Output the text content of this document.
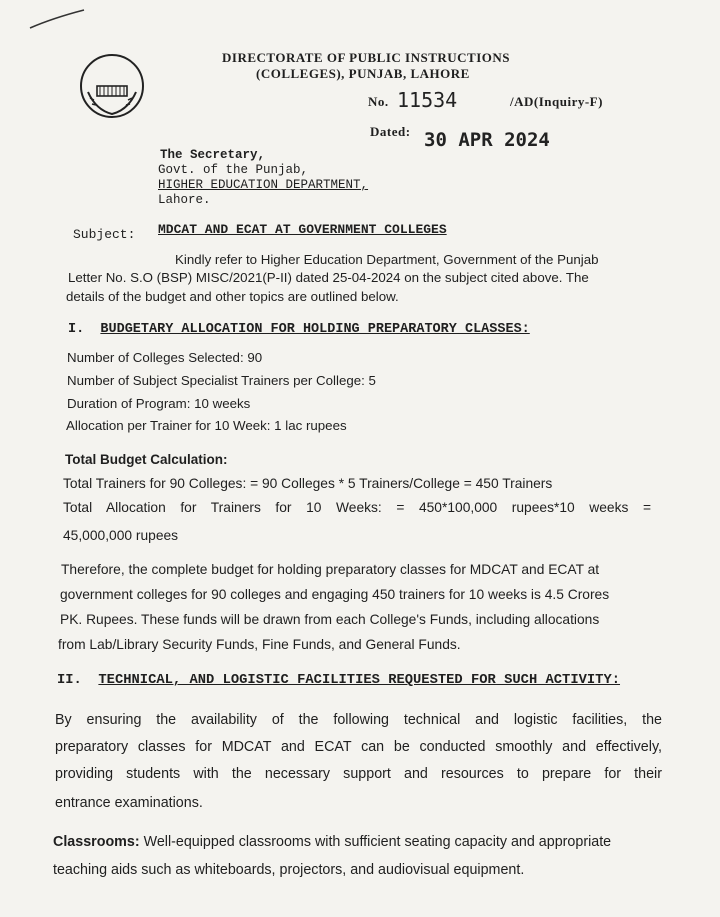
DIRECTORATE OF PUBLIC INSTRUCTIONS
(COLLEGES), PUNJAB, LAHORE
No. 11534	/AD(Inquiry-F)
Dated: 30 APR 2024
The Secretary,
Govt. of the Punjab,
HIGHER EDUCATION DEPARTMENT,
Lahore.
Subject: MDCAT AND ECAT AT GOVERNMENT COLLEGES
Kindly refer to Higher Education Department, Government of the Punjab
Letter No. S.O (BSP) MISC/2021(P-II) dated 25-04-2024 on the subject cited above. The
details of the budget and other topics are outlined below.
I. BUDGETARY ALLOCATION FOR HOLDING PREPARATORY CLASSES:
Number of Colleges Selected: 90
Number of Subject Specialist Trainers per College: 5
Duration of Program: 10 weeks
Allocation per Trainer for 10 Week: 1 lac rupees
Total Budget Calculation:
Total Trainers for 90 Colleges: = 90 Colleges * 5 Trainers/College = 450 Trainers
Total Allocation for Trainers for 10 Weeks: = 450*100,000 rupees*10 weeks =
45,000,000 rupees
Therefore, the complete budget for holding preparatory classes for MDCAT and ECAT at
government colleges for 90 colleges and engaging 450 trainers for 10 weeks is 4.5 Crores
PK. Rupees. These funds will be drawn from each College's Funds, including allocations
from Lab/Library Security Funds, Fine Funds, and General Funds.
II. TECHNICAL, AND LOGISTIC FACILITIES REQUESTED FOR SUCH ACTIVITY:
By ensuring the availability of the following technical and logistic facilities, the
preparatory classes for MDCAT and ECAT can be conducted smoothly and effectively,
providing students with the necessary support and resources to prepare for their
entrance examinations.
Classrooms: Well-equipped classrooms with sufficient seating capacity and appropriate
teaching aids such as whiteboards, projectors, and audiovisual equipment.
